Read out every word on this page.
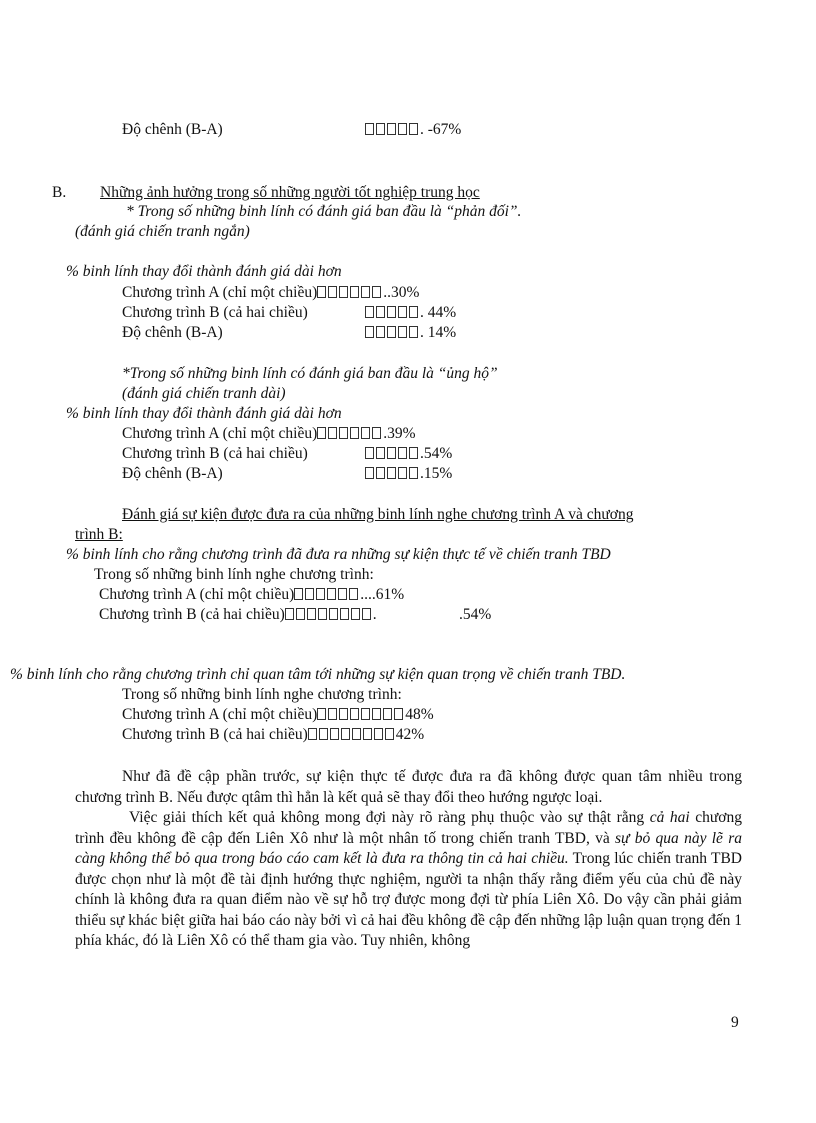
Độ chênh (B-A)	. -67%
B. Những ảnh hưởng trong số những người tốt nghiệp trung học
* Trong số những binh lính có đánh giá ban đầu là “phản đối”.
(đánh giá chiến tranh ngắn)
% binh lính thay đổi thành đánh giá dài hơn
Chương trình A (chỉ một chiều)	..30%
Chương trình B (cả hai chiều)	. 44%
Độ chênh (B-A)	. 14%
*Trong số những binh lính có đánh giá ban đầu là “ủng hộ”
(đánh giá chiến tranh dài)
% binh lính thay đổi thành đánh giá dài hơn
Chương trình A (chỉ một chiều)	.39%
Chương trình B (cả hai chiều)	.54%
Độ chênh (B-A)	.15%
Đánh giá sự kiện được đưa ra của những binh lính nghe chương trình A và chương
trình B:
% binh lính cho rằng chương trình đã đưa ra những sự kiện thực tế về chiến tranh TBD
Trong số những binh lính nghe chương trình:
Chương trình A (chỉ một chiều)	....61%
Chương trình B (cả hai chiều)	.	.54%
% binh lính cho rằng chương trình chỉ quan tâm tới những sự kiện quan trọng về chiến tranh TBD.
Trong số những binh lính nghe chương trình:
Chương trình A (chỉ một chiều)	48%
Chương trình B (cả hai chiều)	42%

Như đã đề cập phần trước, sự kiện thực tế được đưa ra đã không được quan tâm nhiều trong chương trình B. Nếu được qtâm thì hẳn là kết quả sẽ thay đổi theo hướng ngược loại.

Việc giải thích kết quả không mong đợi này rõ ràng phụ thuộc vào sự thật rằng cả hai chương trình đều không đề cập đến Liên Xô như là một nhân tố trong chiến tranh TBD, và sự bỏ qua này lẽ ra càng không thể bỏ qua trong báo cáo cam kết là đưa ra thông tin cả hai chiều. Trong lúc chiến tranh TBD được chọn như là một đề tài định hướng thực nghiệm, người ta nhận thấy rằng điểm yếu của chủ đề này chính là không đưa ra quan điểm nào về sự hỗ trợ được mong đợi từ phía Liên Xô. Do vậy cần phải giảm thiểu sự khác biệt giữa hai báo cáo này bởi vì cả hai đều không đề cập đến những lập luận quan trọng đến 1 phía khác, đó là Liên Xô có thể tham gia vào. Tuy nhiên, không

9
